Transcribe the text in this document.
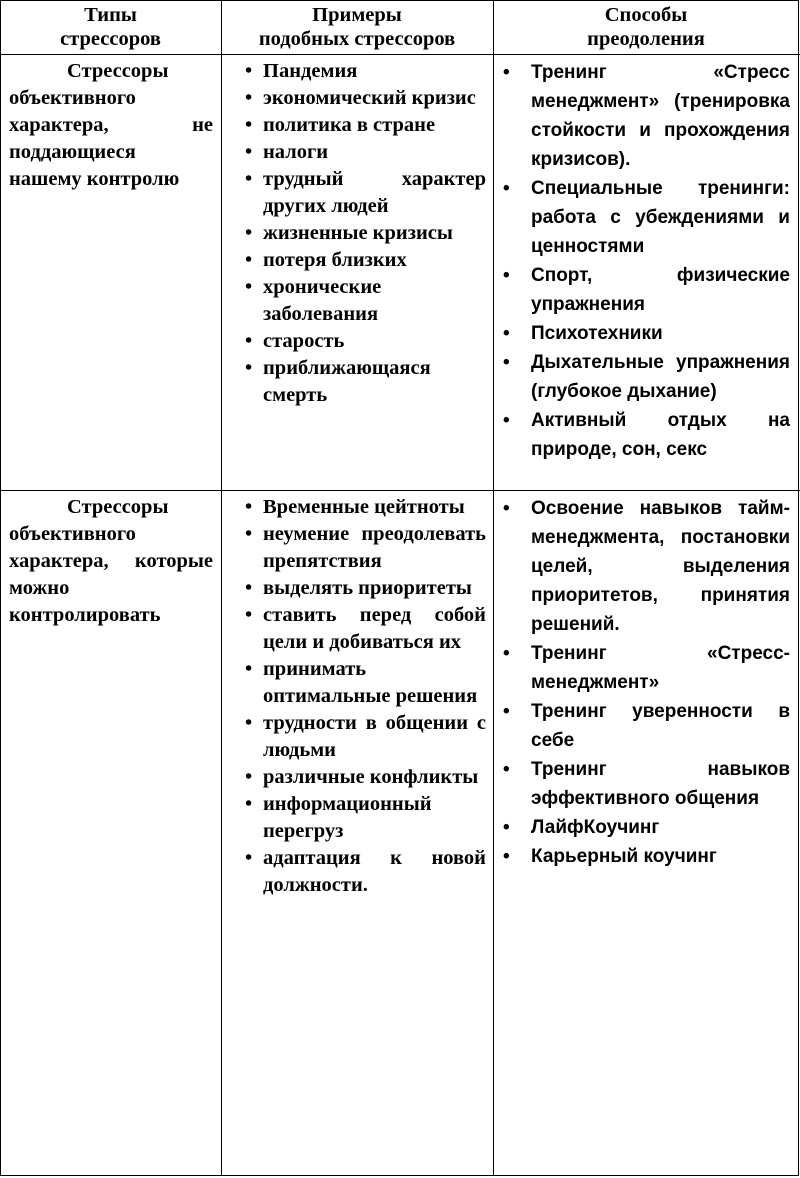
Типы
стрессоров
Примеры
подобных стрессоров
Способы
преодоления
Стрессоры объективного характера, не поддающиеся нашему контролю
• Пандемия
• экономический кризис
• политика в стране
• налоги
• трудный характер других людей
• жизненные кризисы
• потеря близких
• хронические заболевания
• старость
• приближающаяся смерть
• Тренинг «Стресс менеджмент» (тренировка стойкости и прохождения кризисов).
• Специальные тренинги: работа с убеждениями и ценностями
• Спорт, физические упражнения
• Психотехники
• Дыхательные упражнения (глубокое дыхание)
• Активный отдых на природе, сон, секс
Стрессоры объективного характера, которые можно контролировать
• Временные цейтноты
• неумение преодолевать препятствия
• выделять приоритеты
• ставить перед собой цели и добиваться их
• принимать оптимальные решения
• трудности в общении с людьми
• различные конфликты
• информационный перегруз
• адаптация к новой должности.
• Освоение навыков тайм-менеджмента, постановки целей, выделения приоритетов, принятия решений.
• Тренинг «Стресс-менеджмент»
• Тренинг уверенности в себе
• Тренинг навыков эффективного общения
• ЛайфКоучинг
• Карьерный коучинг
